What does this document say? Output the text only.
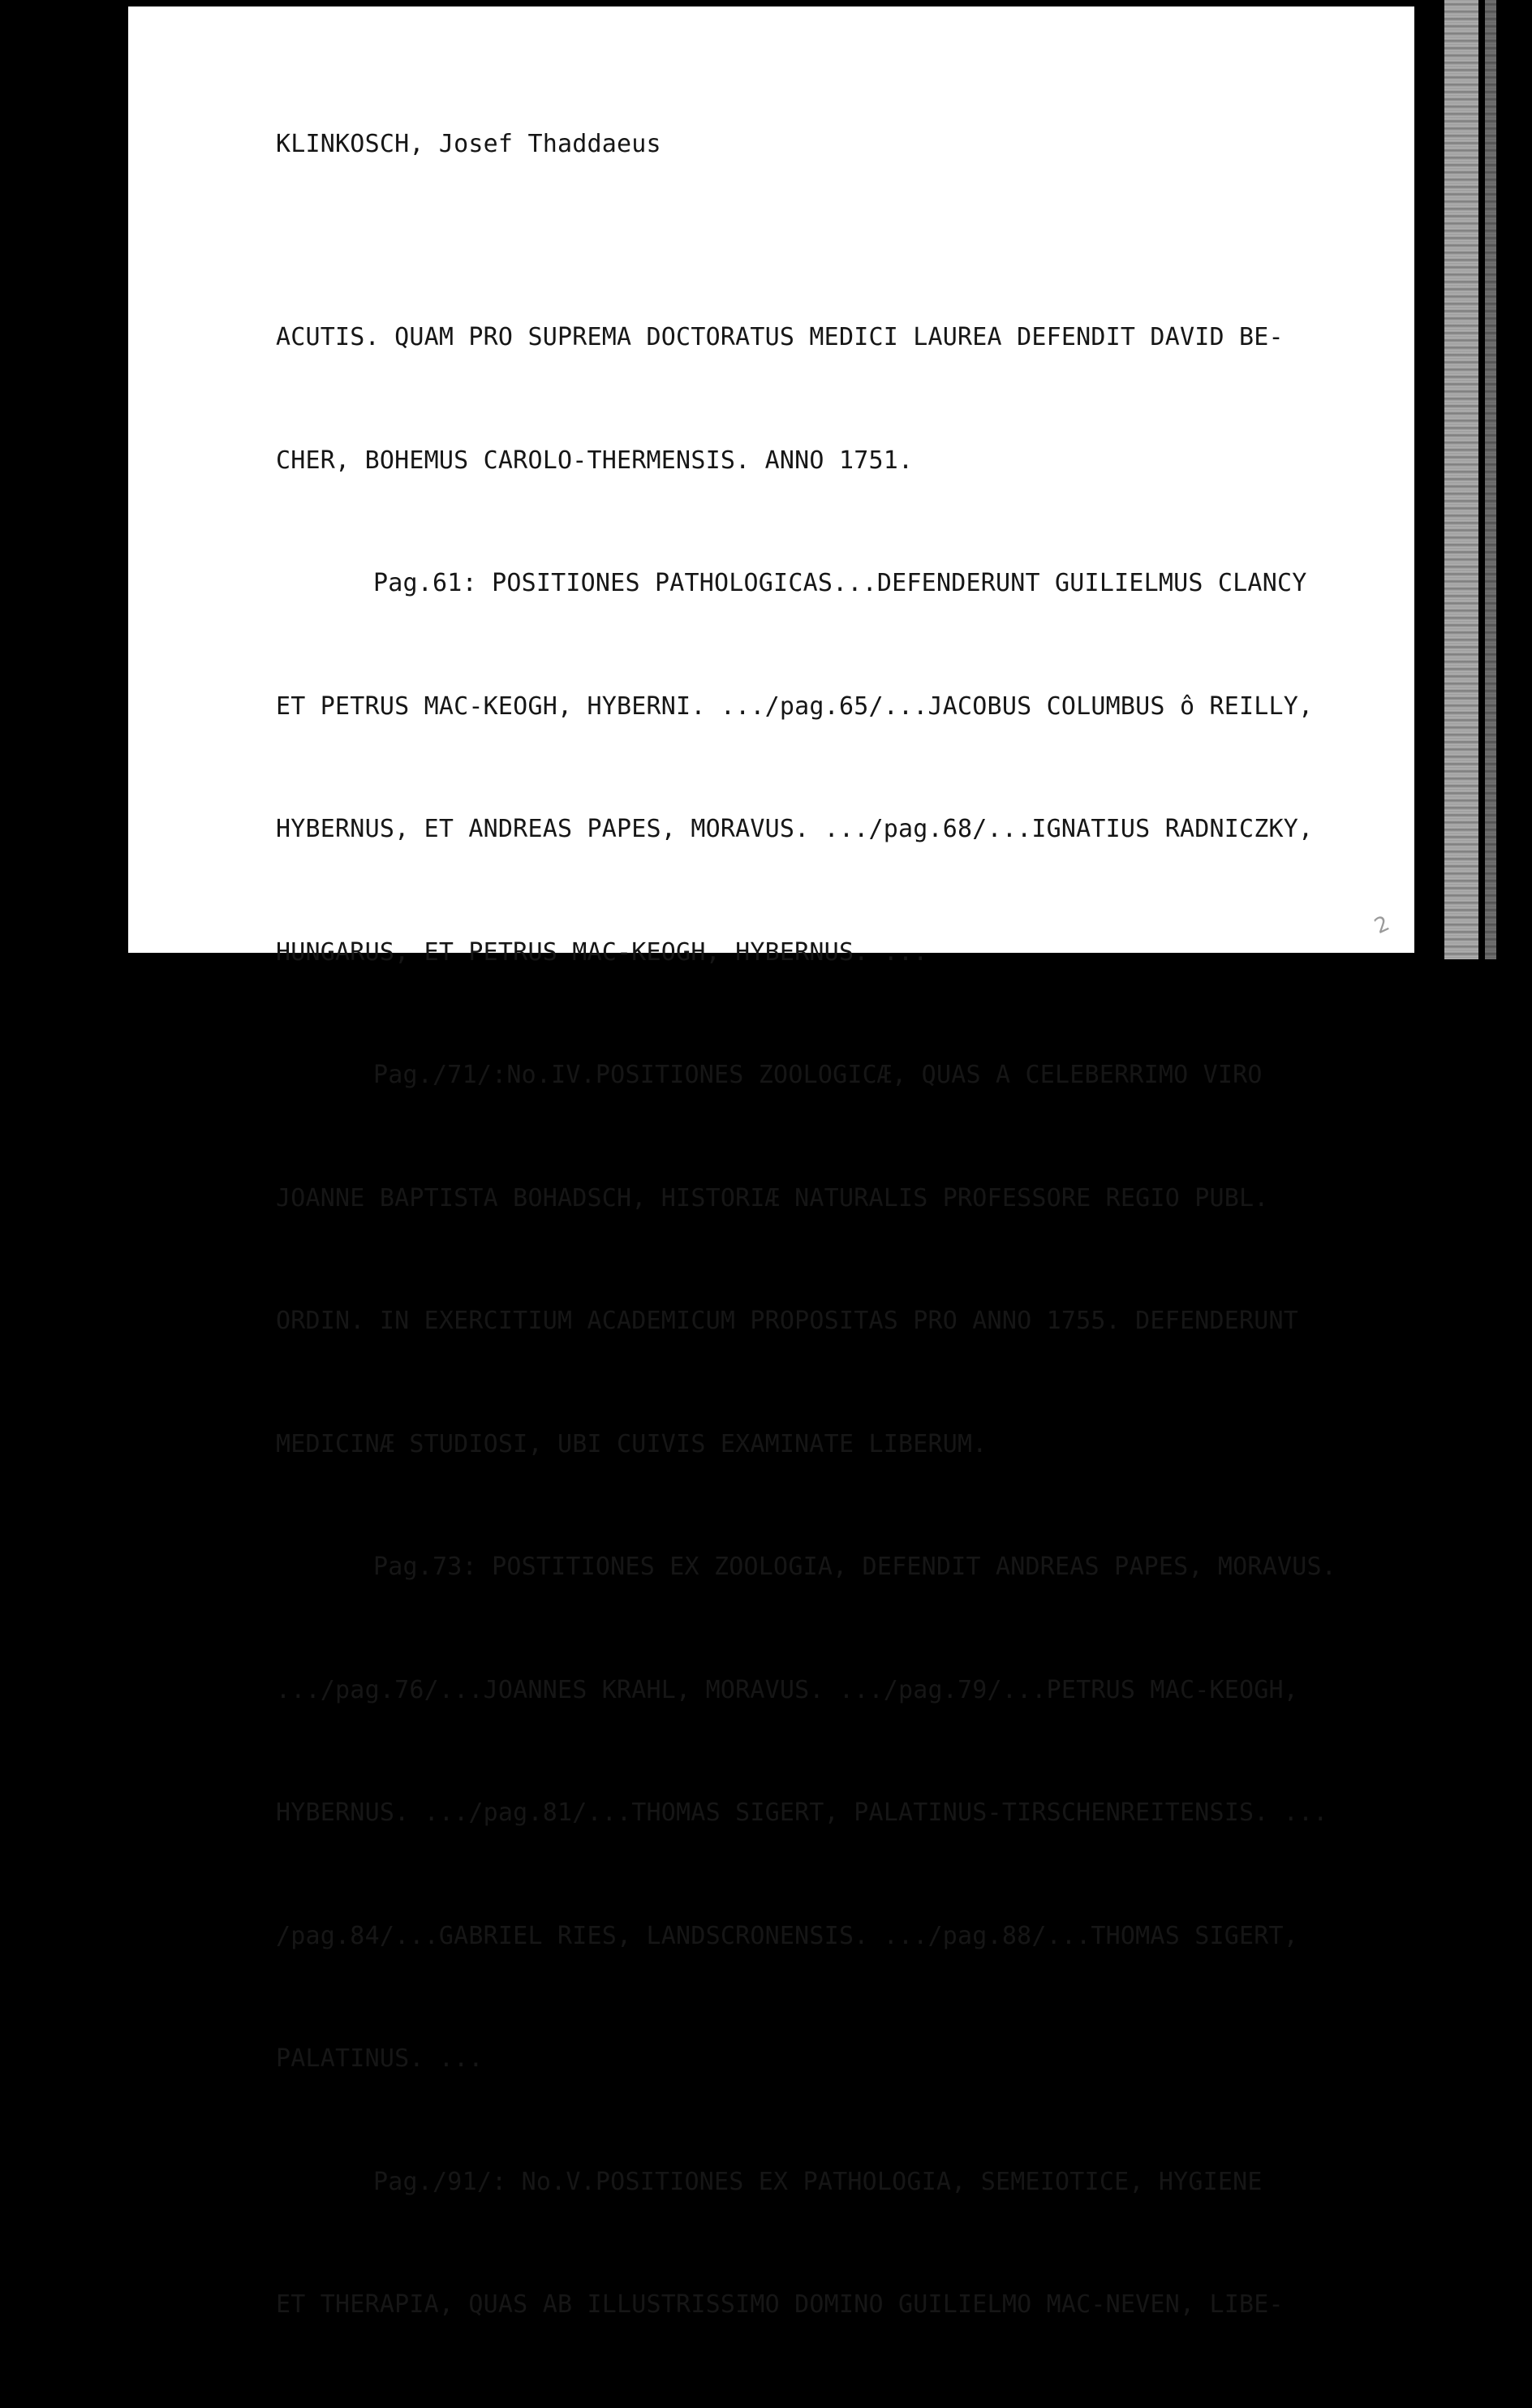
KLINKOSCH, Josef Thaddaeus

ACUTIS. QUAM PRO SUPREMA DOCTORATUS MEDICI LAUREA DEFENDIT DAVID BE-

CHER, BOHEMUS CAROLO-THERMENSIS. ANNO 1751.

Pag.61: POSITIONES PATHOLOGICAS...DEFENDERUNT GUILIELMUS CLANCY

ET PETRUS MAC-KEOGH, HYBERNI. .../pag.65/...JACOBUS COLUMBUS ô REILLY,

HYBERNUS, ET ANDREAS PAPES, MORAVUS. .../pag.68/...IGNATIUS RADNICZKY,

HUNGARUS, ET PETRUS MAC-KEOGH, HYBERNUS. ...

Pag./71/:No.IV.POSITIONES ZOOLOGICÆ, QUAS A CELEBERRIMO VIRO

JOANNE BAPTISTA BOHADSCH, HISTORIÆ NATURALIS PROFESSORE REGIO PUBL.

ORDIN. IN EXERCITIUM ACADEMICUM PROPOSITAS PRO ANNO 1755. DEFENDERUNT

MEDICINÆ STUDIOSI, UBI CUIVIS EXAMINATE LIBERUM.

Pag.73: POSTITIONES EX ZOOLOGIA, DEFENDIT ANDREAS PAPES, MORAVUS.

.../pag.76/...JOANNES KRAHL, MORAVUS. .../pag.79/...PETRUS MAC-KEOGH,

HYBERNUS. .../pag.81/...THOMAS SIGERT, PALATINUS-TIRSCHENREITENSIS. ...

/pag.84/...GABRIEL RIES, LANDSCRONENSIS. .../pag.88/...THOMAS SIGERT,

PALATINUS. ...

Pag./91/: No.V.POSITIONES EX PATHOLOGIA, SEMEIOTICE, HYGIENE

ET THERAPIA, QUAS AB ILLUSTRISSIMO DOMINO GUILIELMO MAC-NEVEN, LIBE-

2
